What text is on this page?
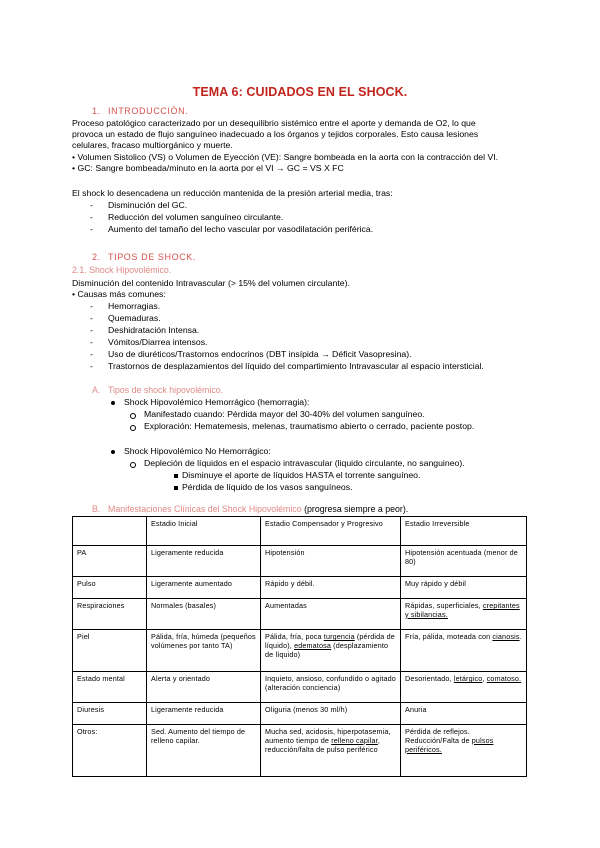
TEMA 6: CUIDADOS EN EL SHOCK.
1. INTRODUCCIÓN.
Proceso patológico caracterizado por un desequilibrio sistémico entre el aporte y demanda de O2, lo que
provoca un estado de flujo sanguíneo inadecuado a los órganos y tejidos corporales. Esto causa lesiones
celulares, fracaso multiorgánico y muerte.
• Volumen Sistolico (VS) o Volumen de Eyección (VE): Sangre bombeada en la aorta con la contracción del VI.
• GC: Sangre bombeada/minuto en la aorta por el VI → GC = VS X FC
El shock lo desencadena un reducción mantenida de la presión arterial media, tras:
- Disminución del GC.
- Reducción del volumen sanguíneo circulante.
- Aumento del tamaño del lecho vascular por vasodilatación periférica.
2. TIPOS DE SHOCK.
2.1. Shock Hipovolémico.
Disminución del contenido Intravascular (> 15% del volumen circulante).
• Causas más comunes:
- Hemorragias.
- Quemaduras.
- Deshidratación Intensa.
- Vómitos/Diarrea intensos.
- Uso de diuréticos/Trastornos endocrinos (DBT insípida → Déficit Vasopresina).
- Trastornos de desplazamientos del líquido del compartimiento Intravascular al espacio intersticial.
A. Tipos de shock hipovolémico.
Shock Hipovolémico Hemorrágico (hemorragia):
Manifestado cuando: Pérdida mayor del 30-40% del volumen sanguíneo.
Exploración: Hematemesis, melenas, traumatismo abierto o cerrado, paciente postop.
Shock Hipovolémico No Hemorrágico:
Depleción de líquidos en el espacio intravascular (liquido circulante, no sanguineo).
Disminuye el aporte de líquidos HASTA el torrente sanguíneo.
Pérdida de líquido de los vasos sanguíneos.
B. Manifestaciones Clínicas del Shock Hipovolémico (progresa siempre a peor).
	Estadio Inicial	Estadio Compensador y Progresivo	Estadio Irreversible
PA	Ligeramente reducida	Hipotensión	Hipotensión acentuada (menor de 80)
Pulso	Ligeramente aumentado	Rápido y débil.	Muy rápido y débil
Respiraciones	Normales (basales)	Aumentadas	Rápidas, superficiales, crepitantes y sibilancias.
Piel	Pálida, fría, húmeda (pequeños volúmenes por tanto TA)	Pálida, fría, poca turgencia (pérdida de líquido), edematosa (desplazamiento de líquido)	Fría, pálida, moteada con cianosis.
Estado mental	Alerta y orientado	Inquieto, ansioso, confundido o agitado (alteración conciencia)	Desorientado, letárgico, comatoso.
Diuresis	Ligeramente reducida	Oliguria (menos 30 ml/h)	Anuria
Otros:	Sed. Aumento del tiempo de relleno capilar.	Mucha sed, acidosis, hiperpotasemia, aumento tiempo de relleno capilar, reducción/falta de pulso periférico	Pérdida de reflejos. Reducción/Falta de pulsos periféricos.
